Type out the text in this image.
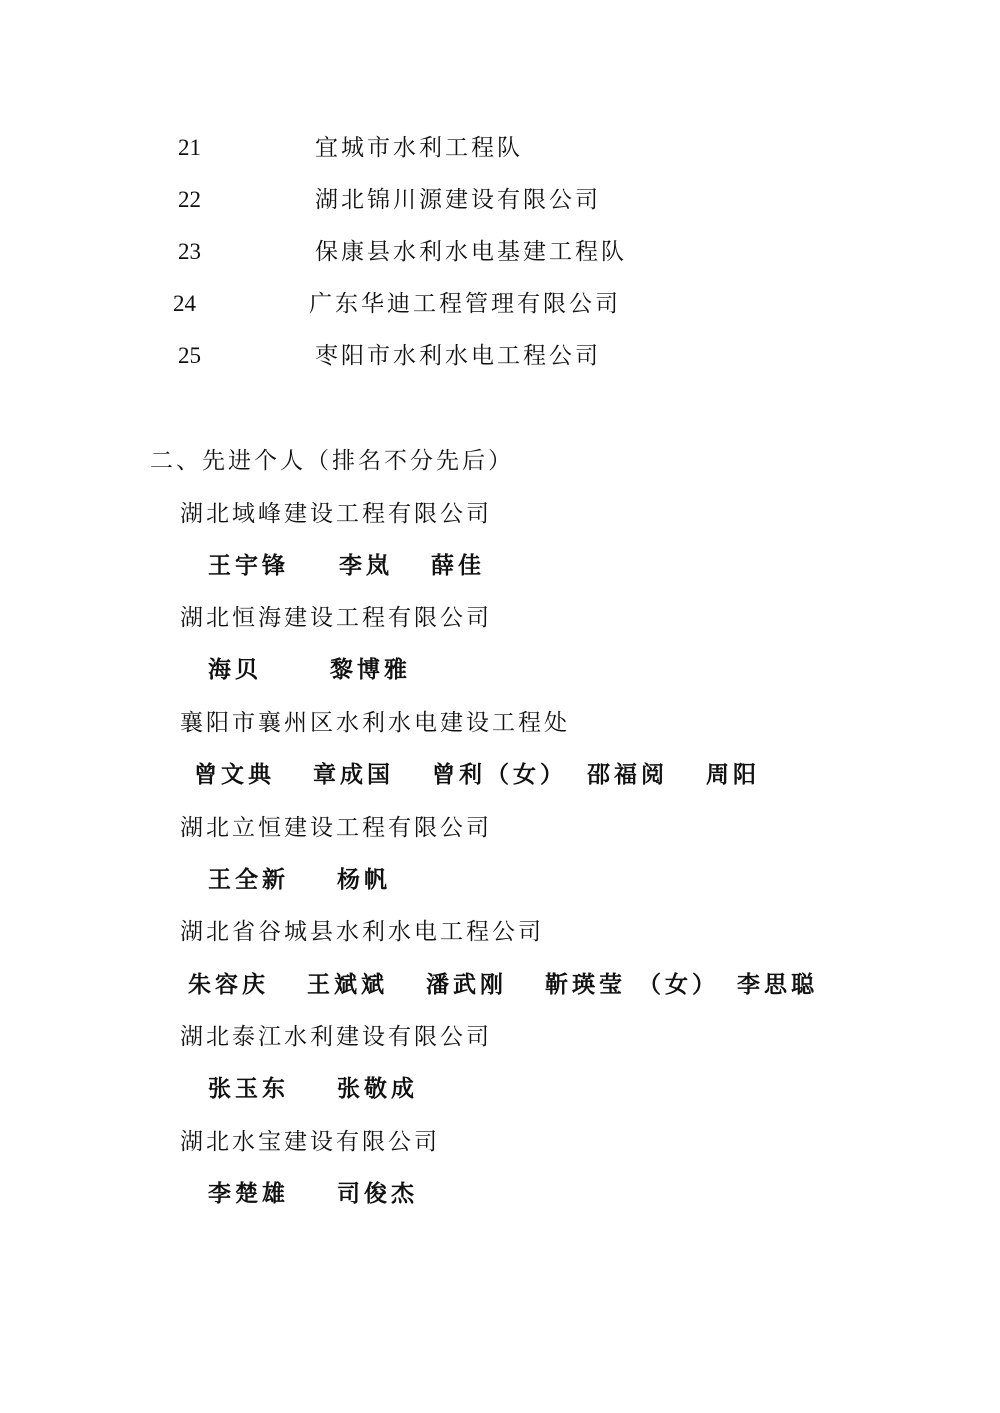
21	宜城市水利工程队
22	湖北锦川源建设有限公司
23	保康县水利水电基建工程队
24	广东华迪工程管理有限公司
25	枣阳市水利水电工程公司
二、先进个人（排名不分先后）
湖北域峰建设工程有限公司
王宇锋 李岚 薛佳
湖北恒海建设工程有限公司
海贝	黎博雅
襄阳市襄州区水利水电建设工程处
曾文典 章成国 曾利（女） 邵福阅 周阳
湖北立恒建设工程有限公司
王全新 杨帆
湖北省谷城县水利水电工程公司
朱容庆 王斌斌 潘武刚 靳瑛莹 （女） 李思聪
湖北泰江水利建设有限公司
张玉东 张敬成
湖北水宝建设有限公司
李楚雄 司俊杰
